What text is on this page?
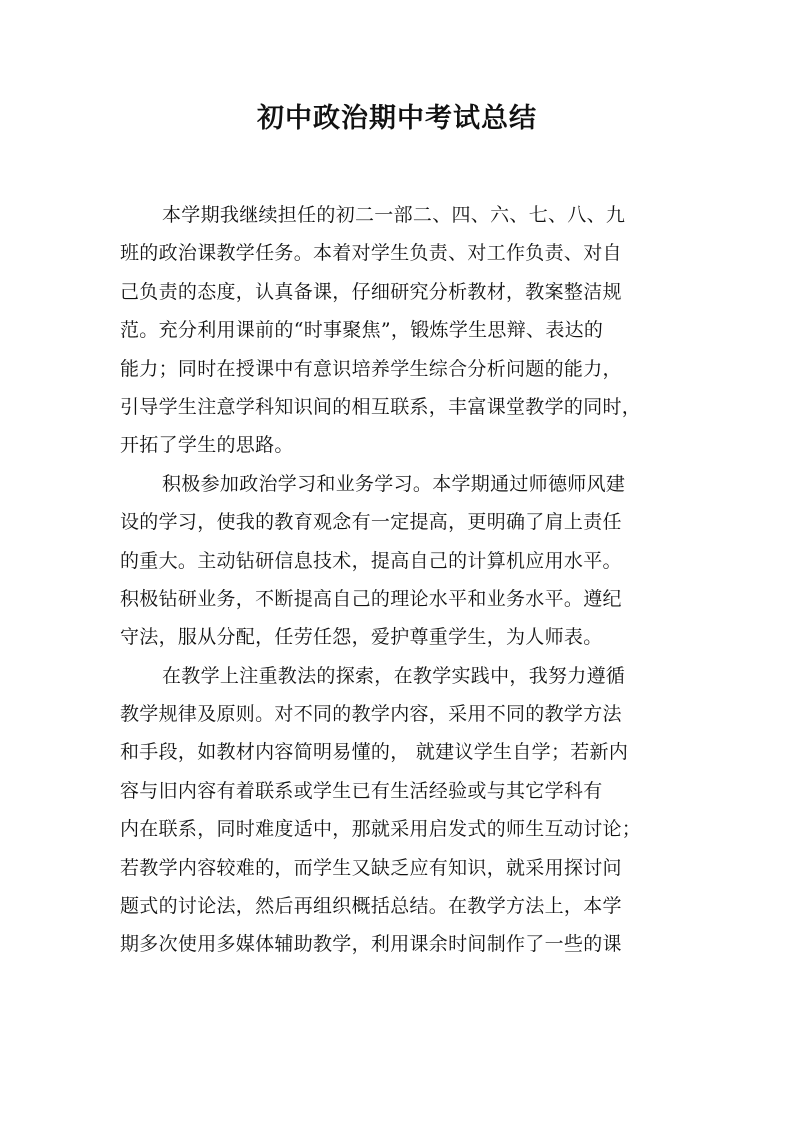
初中政治期中考试总结
本学期我继续担任的初二一部二、四、六、七、八、九
班的政治课教学任务。本着对学生负责、对工作负责、对自
己负责的态度，认真备课，仔细研究分析教材，教案整洁规
范。充分利用课前的“时事聚焦”，锻炼学生思辩、表达的
能力；同时在授课中有意识培养学生综合分析问题的能力，
引导学生注意学科知识间的相互联系，丰富课堂教学的同时，
开拓了学生的思路。
积极参加政治学习和业务学习。本学期通过师德师风建
设的学习，使我的教育观念有一定提高，更明确了肩上责任
的重大。主动钻研信息技术，提高自己的计算机应用水平。
积极钻研业务，不断提高自己的理论水平和业务水平。遵纪
守法，服从分配，任劳任怨，爱护尊重学生，为人师表。
在教学上注重教法的探索，在教学实践中，我努力遵循
教学规律及原则。对不同的教学内容，采用不同的教学方法
和手段，如教材内容简明易懂的， 就建议学生自学；若新内
容与旧内容有着联系或学生已有生活经验或与其它学科有
内在联系，同时难度适中，那就采用启发式的师生互动讨论；
若教学内容较难的，而学生又缺乏应有知识，就采用探讨问
题式的讨论法，然后再组织概括总结。在教学方法上，本学
期多次使用多媒体辅助教学，利用课余时间制作了一些的课
